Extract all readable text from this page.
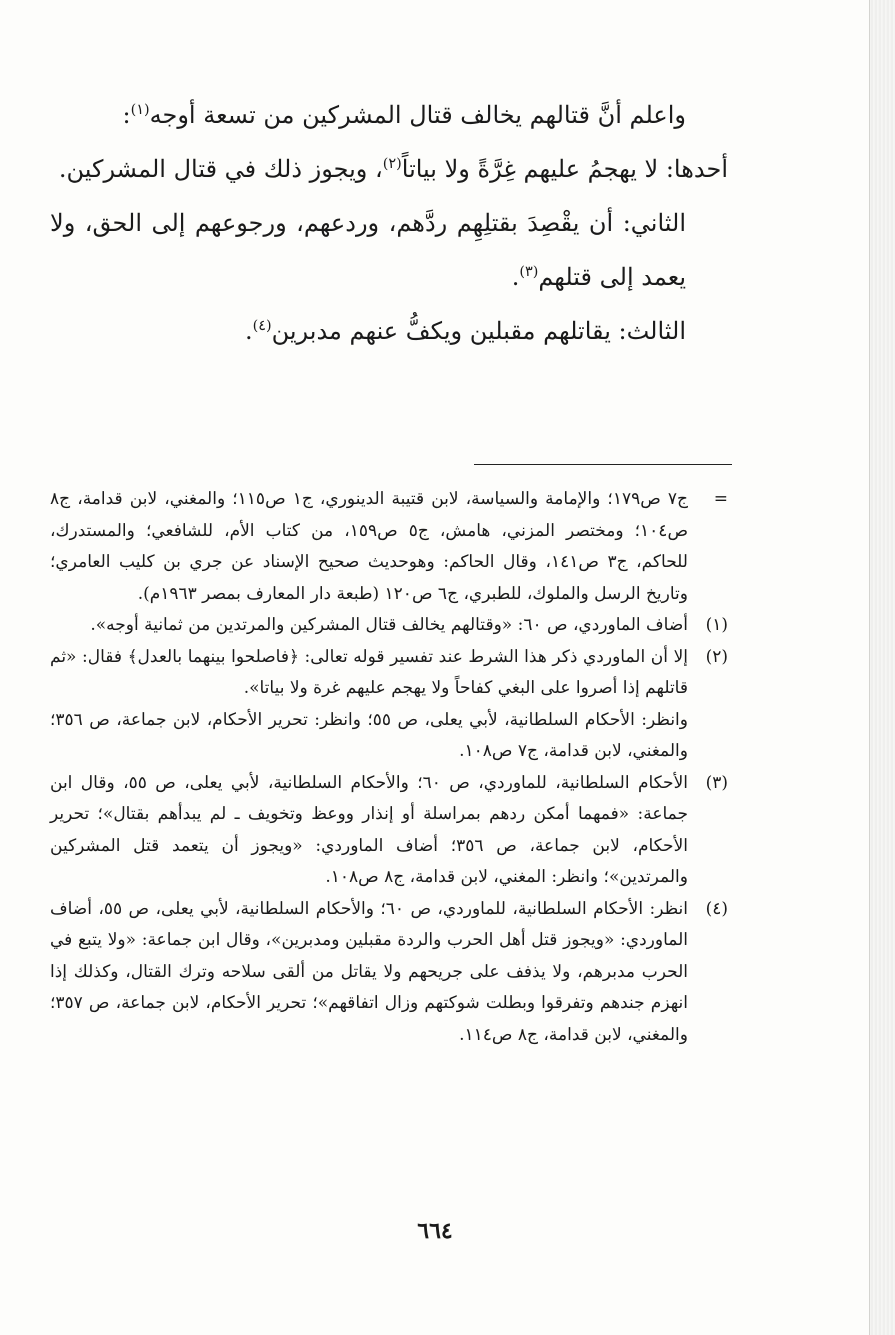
واعلم أنَّ قتالهم يخالف قتال المشركين من تسعة أوجه$^{(١)}$:

أحدها: لا يهجمُ عليهم غِرَّةً ولا بياتاً$^{(٢)}$، ويجوز ذلك في قتال المشركين.

الثاني: أن يقْصِدَ بقتلِهِم ردَّهم، وردعهم، ورجوعهم إلى الحق، ولا يعمد إلى قتلهم$^{(٣)}$.

الثالث: يقاتلهم مقبلين ويكفُّ عنهم مدبرين$^{(٤)}$.

=
ج٧ ص١٧٩؛ والإمامة والسياسة، لابن قتيبة الدينوري، ج١ ص١١٥؛ والمغني، لابن قدامة، ج٨ ص١٠٤؛ ومختصر المزني، هامش، ج٥ ص١٥٩، من كتاب الأم، للشافعي؛ والمستدرك، للحاكم، ج٣ ص١٤١، وقال الحاكم: وهوحديث صحيح الإسناد عن جري بن كليب العامري؛ وتاريخ الرسل والملوك، للطبري، ج٦ ص١٢٠ (طبعة دار المعارف بمصر ١٩٦٣م).
(١)
أضاف الماوردي، ص ٦٠: «وقتالهم يخالف قتال المشركين والمرتدين من ثمانية أوجه».
(٢)
إلا أن الماوردي ذكر هذا الشرط عند تفسير قوله تعالى: ﴿فاصلحوا بينهما بالعدل﴾ فقال: «ثم قاتلهم إذا أصروا على البغي كفاحاً ولا يهجم عليهم غرة ولا بياتا».
وانظر: الأحكام السلطانية، لأبي يعلى، ص ٥٥؛ وانظر: تحرير الأحكام، لابن جماعة، ص ٣٥٦؛ والمغني، لابن قدامة، ج٧ ص١٠٨.
(٣)
الأحكام السلطانية، للماوردي، ص ٦٠؛ والأحكام السلطانية، لأبي يعلى، ص ٥٥، وقال ابن جماعة: «فمهما أمكن ردهم بمراسلة أو إنذار ووعظ وتخويف ـ لم يبدأهم بقتال»؛ تحرير الأحكام، لابن جماعة، ص ٣٥٦؛ أضاف الماوردي: «ويجوز أن يتعمد قتل المشركين والمرتدين»؛ وانظر: المغني، لابن قدامة، ج٨ ص١٠٨.
(٤)
انظر: الأحكام السلطانية، للماوردي، ص ٦٠؛ والأحكام السلطانية، لأبي يعلى، ص ٥٥، أضاف الماوردي: «ويجوز قتل أهل الحرب والردة مقبلين ومدبرين»، وقال ابن جماعة: «ولا يتبع في الحرب مدبرهم، ولا يذفف على جريحهم ولا يقاتل من ألقى سلاحه وترك القتال، وكذلك إذا انهزم جندهم وتفرقوا وبطلت شوكتهم وزال اتفاقهم»؛ تحرير الأحكام، لابن جماعة، ص ٣٥٧؛ والمغني، لابن قدامة، ج٨ ص١١٤.
٦٦٤
